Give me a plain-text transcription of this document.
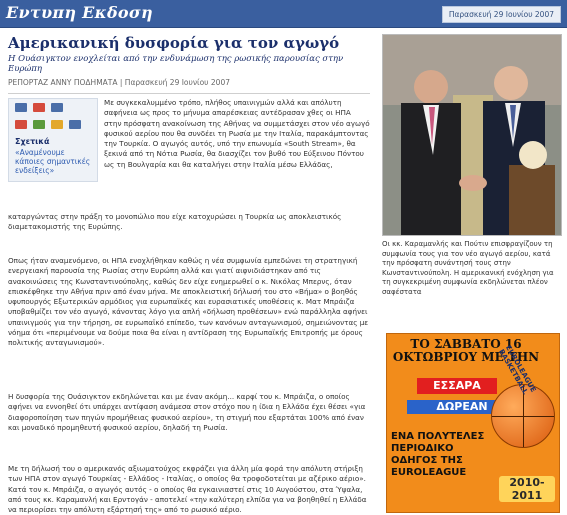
Εντυπη Εκδοση	Παρασκευή 29 Ιουνίου 2007
Αμερικανική δυσφορία για τον αγωγό
Η Ουάσιγκτον ενοχλείται από την ενδυνάμωση της ρωσικής παρουσίας στην Ευρώπη
ΡΕΠΟΡΤΑΖ ΑΝΝΥ ΠΟΔΗΜΑΤΑ | Παρασκευή 29 Ιουνίου 2007
Σχετικά
«Αναμένουμε κάποιες σημαντικές ενδείξεις»
Με συγκεκαλυμμένο τρόπο, πλήθος υπαινιγμών αλλά και απόλυτη σαφήνεια ως προς το μήνυμα απαρέσκειας αντέδρασαν χθες οι ΗΠΑ στην πρόσφατη ανακοίνωση της Αθήνας να συμμετάσχει στον νέο αγωγό φυσικού αερίου που θα συνδέει τη Ρωσία με την Ιταλία, παρακάμπτοντας την Τουρκία. Ο αγωγός αυτός, υπό την επωνυμία «South Stream», θα ξεκινά από τη Νότια Ρωσία, θα διασχίζει τον βυθό του Εύξεινου Πόντου ως τη Βουλγαρία και θα καταλήγει στην Ιταλία μέσω Ελλάδας,
καταργώντας στην πράξη το μονοπώλιο που είχε κατοχυρώσει η Τουρκία ως αποκλειστικός διαμετακομιστής της Ευρώπης.
Οπως ήταν αναμενόμενο, οι ΗΠΑ ενοχλήθηκαν καθώς η νέα συμφωνία εμπεδώνει τη στρατηγική ενεργειακή παρουσία της Ρωσίας στην Ευρώπη αλλά και γιατί αιφνιδιάστηκαν από τις ανακοινώσεις της Κωνσταντινούπολης, καθώς δεν είχε ενημερωθεί ο κ. Νικόλας Μπερνς, όταν επισκέφθηκε την Αθήνα πριν από έναν μήνα. Με αποκλειστική δήλωσή του στο «Βήμα» ο βοηθός υφυπουργός Εξωτερικών αρμόδιος για ευρωπαϊκές και ευρασιατικές υποθέσεις κ. Ματ Μπράιζα υποβαθμίζει τον νέο αγωγό, κάνοντας λόγο για απλή «δήλωση προθέσεων» ενώ παράλληλα αφήνει υπαινιγμούς για την τήρηση, σε ευρωπαϊκό επίπεδο, των κανόνων ανταγωνισμού, σημειώνοντας με νόημα ότι «περιμένουμε να δούμε ποια θα είναι η αντίδραση της Ευρωπαϊκής Επιτροπής με όρους πολιτικής ανταγωνισμού».
Η δυσφορία της Ουάσιγκτον εκδηλώνεται και με έναν ακόμη... καρφί του κ. Μπράιζα, ο οποίος αφήνει να εννοηθεί ότι υπάρχει αντίφαση ανάμεσα στον στόχο που η ίδια η Ελλάδα έχει θέσει «για διαφοροποίηση των πηγών προμήθειας φυσικού αερίου», τη στιγμή που εξαρτάται 100% από έναν και μοναδικό προμηθευτή φυσικού αερίου, δηλαδή τη Ρωσία.
Με τη δήλωσή του ο αμερικανός αξιωματούχος εκφράζει για άλλη μία φορά την απόλυτη στήριξη των ΗΠΑ στον αγωγό Τουρκίας - Ελλάδος - Ιταλίας, ο οποίος θα τροφοδοτείται με αζέρικο αέριο». Κατά τον κ. Μπράιζα, ο αγωγός αυτός - ο οποίος θα εγκαινιαστεί στις 10 Αυγούστου, στα Ύψαλα, από τους κκ. Καραμανλή και Ερντογάν - αποτελεί «την καλύτερη ελπίδα για να βοηθηθεί η Ελλάδα να περιορίσει την απόλυτη εξάρτησή της» από το ρωσικό αέριο.
Οι κκ. Καραμανλής και Πούτιν επισφραγίζουν τη συμφωνία τους για τον νέο αγωγό αερίου, κατά την πρόσφατη συνάντησή τους στην Κωνσταντινούπολη. Η αμερικανική ενόχληση για τη συγκεκριμένη συμφωνία εκδηλώνεται πλέον σαφέστατα
ΤΟ ΣΑΒΒΑΤΟ 16 ΟΚΤΩΒΡΙΟΥ ΜΕ ΤΗΝ
ΕΣΣΑΡΑ
ΔΩΡΕΑΝ
EUROLEAGUE BASKETBALL
ΕΝΑ ΠΟΛΥΤΕΛΕΣ ΠΕΡΙΟΔΙΚΟ ΟΔΗΓΟΣ ΤΗΣ EUROLEAGUE
2010-2011
